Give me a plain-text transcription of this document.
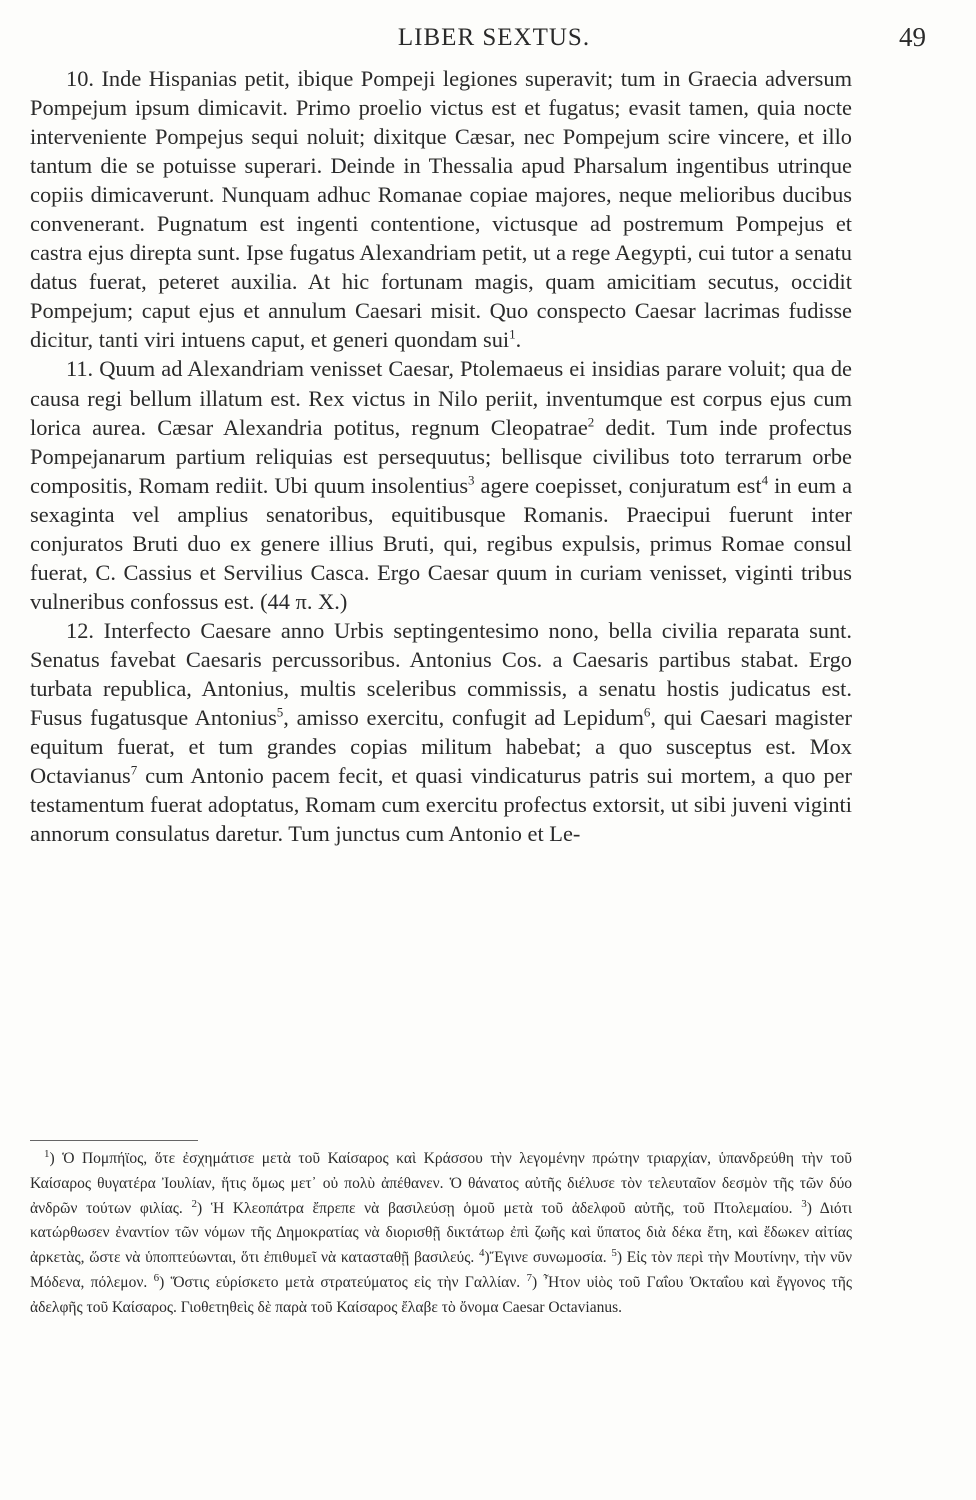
LIBER SEXTUS.	49

10. Inde Hispanias petit, ibique Pompeji legiones superavit; tum in Graecia adversum Pompejum ipsum dimicavit. Primo proelio victus est et fugatus; evasit tamen, quia nocte interveniente Pompejus sequi noluit; dixitque Cæsar, nec Pompejum scire vincere, et illo tantum die se potuisse superari. Deinde in Thessalia apud Pharsalum ingentibus utrinque copiis dimicaverunt. Nunquam adhuc Romanae copiae majores, neque melioribus ducibus convenerant. Pugnatum est ingenti contentione, victusque ad postremum Pompejus et castra ejus direpta sunt. Ipse fugatus Alexandriam petit, ut a rege Aegypti, cui tutor a senatu datus fuerat, peteret auxilia. At hic fortunam magis, quam amicitiam secutus, occidit Pompejum; caput ejus et annulum Caesari misit. Quo conspecto Caesar lacrimas fudisse dicitur, tanti viri intuens caput, et generi quondam sui$^1$.

11. Quum ad Alexandriam venisset Caesar, Ptolemaeus ei insidias parare voluit; qua de causa regi bellum illatum est. Rex victus in Nilo periit, inventumque est corpus ejus cum lorica aurea. Cæsar Alexandria potitus, regnum Cleopatrae$^2$ dedit. Tum inde profectus Pompejanarum partium reliquias est persequutus; bellisque civilibus toto terrarum orbe compositis, Romam rediit. Ubi quum insolentius$^3$ agere coepisset, conjuratum est$^4$ in eum a sexaginta vel amplius senatoribus, equitibusque Romanis. Praecipui fuerunt inter conjuratos Bruti duo ex genere illius Bruti, qui, regibus expulsis, primus Romae consul fuerat, C. Cassius et Servilius Casca. Ergo Caesar quum in curiam venisset, viginti tribus vulneribus confossus est. (44 π. X.)

12. Interfecto Caesare anno Urbis septingentesimo nono, bella civilia reparata sunt. Senatus favebat Caesaris percussoribus. Antonius Cos. a Caesaris partibus stabat. Ergo turbata republica, Antonius, multis sceleribus commissis, a senatu hostis judicatus est. Fusus fugatusque Antonius$^5$, amisso exercitu, confugit ad Lepidum$^6$, qui Caesari magister equitum fuerat, et tum grandes copias militum habebat; a quo susceptus est. Mox Octavianus$^7$ cum Antonio pacem fecit, et quasi vindicaturus patris sui mortem, a quo per testamentum fuerat adoptatus, Romam cum exercitu profectus extorsit, ut sibi juveni viginti annorum consulatus daretur. Tum junctus cum Antonio et Le-

$^1$) Ὁ Πομπήϊος, ὅτε ἐσχημάτισε μετὰ τοῦ Καίσαρος καὶ Κράσσου τὴν λεγομένην πρώτην τριαρχίαν, ὑπανδρεύθη τὴν τοῦ Καίσαρος θυγατέρα Ἰουλίαν, ἥτις ὅμως μετ᾽ οὐ πολὺ ἀπέθανεν. Ὁ θάνατος αὐτῆς διέλυσε τὸν τελευταῖον δεσμὸν τῆς τῶν δύο ἀνδρῶν τούτων φιλίας. $^2$) Ἡ Κλεοπάτρα ἔπρεπε νὰ βασιλεύσῃ ὁμοῦ μετὰ τοῦ ἀδελφοῦ αὐτῆς, τοῦ Πτολεμαίου. $^3$) Διότι κατώρθωσεν ἐναντίον τῶν νόμων τῆς Δημοκρατίας νὰ διορισθῇ δικτάτωρ ἐπὶ ζωῆς καὶ ὕπατος διὰ δέκα ἔτη, καὶ ἔδωκεν αἰτίας ἀρκετὰς, ὥστε νὰ ὑποπτεύωνται, ὅτι ἐπιθυμεῖ νὰ κατασταθῇ βασιλεύς. $^4$)Ἔγινε συνωμοσία. $^5$) Εἰς τὸν περὶ τὴν Μουτίνην, τὴν νῦν Μόδενα, πόλεμον. $^6$) Ὅστις εὑρίσκετο μετὰ στρατεύματος εἰς τὴν Γαλλίαν. $^7$) Ἦτον υἱὸς τοῦ Γαΐου Ὀκταΐου καὶ ἔγγονος τῆς ἀδελφῆς τοῦ Καίσαρος. Γιοθετηθεὶς δὲ παρὰ τοῦ Καίσαρος ἔλαβε τὸ ὄνομα Caesar Octavianus.
